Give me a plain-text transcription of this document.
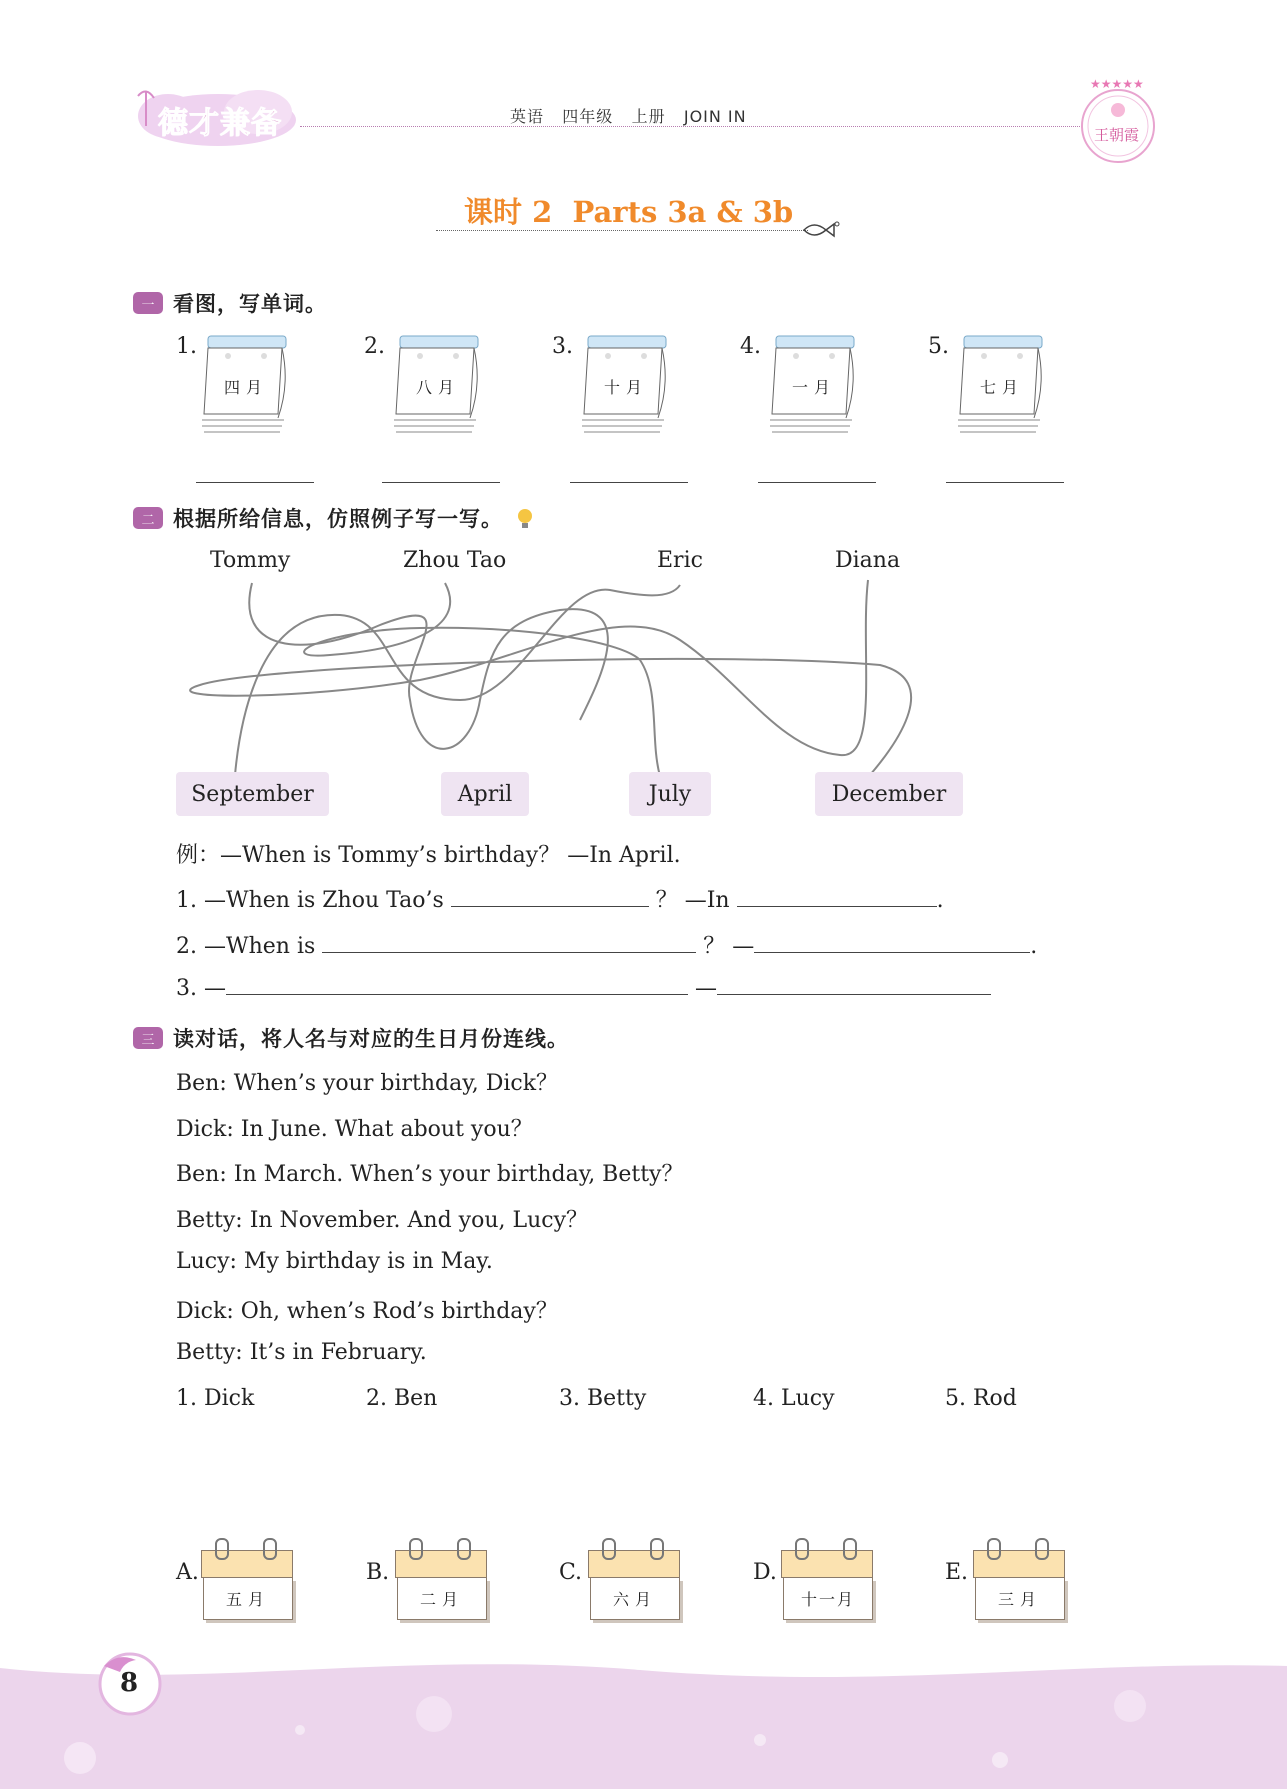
德才兼备	英语 四年级 上册 JOIN IN
★★★★★
王朝霞
课时 2  Parts 3a & 3b
一 看图，写单词。
1.
四月
2.
八月
3.
十月
4.
一月
5.
七月
二 根据所给信息，仿照例子写一写。
Tommy	Zhou Tao	Eric	Diana
September	April	July	December
例：—When is Tommy’s birthday？ —In April.
1. —When is Zhou Tao’s	？ —In	.
2. —When is	？ —	.
3. —	—
三 读对话，将人名与对应的生日月份连线。
Ben: When’s your birthday, Dick？
Dick: In June. What about you？
Ben: In March. When’s your birthday, Betty？
Betty: In November. And you, Lucy？
Lucy: My birthday is in May.
Dick: Oh, when’s Rod’s birthday？
Betty: It’s in February.
1. Dick	2. Ben	3. Betty	4. Lucy	5. Rod
A.
五月
B.
二月
C.
六月
D.
十一月
E.
三月
8
